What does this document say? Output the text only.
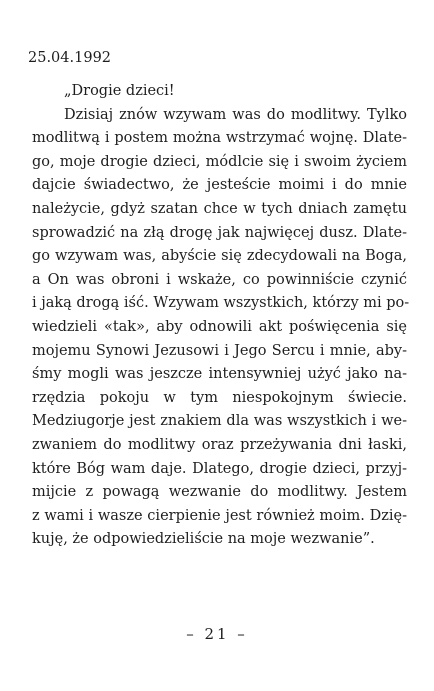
25.04.1992
„Drogie dzieci!
Dzisiaj znów wzywam was do modlitwy. Tylko
modlitwą i postem można wstrzymać wojnę. Dlate-
go, moje drogie dzieci, módlcie się i swoim życiem
dajcie świadectwo, że jesteście moimi i do mnie
należycie, gdyż szatan chce w tych dniach zamętu
sprowadzić na złą drogę jak najwięcej dusz. Dlate-
go wzywam was, abyście się zdecydowali na Boga,
a On was obroni i wskaże, co powinniście czynić
i jaką drogą iść. Wzywam wszystkich, którzy mi po-
wiedzieli «tak», aby odnowili akt poświęcenia się
mojemu Synowi Jezusowi i Jego Sercu i mnie, aby-
śmy mogli was jeszcze intensywniej użyć jako na-
rzędzia pokoju w tym niespokojnym świecie.
Medziugorje jest znakiem dla was wszystkich i we-
zwaniem do modlitwy oraz przeżywania dni łaski,
które Bóg wam daje. Dlatego, drogie dzieci, przyj-
mijcie z powagą wezwanie do modlitwy. Jestem
z wami i wasze cierpienie jest również moim. Dzię-
kuję, że odpowiedzieliście na moje wezwanie”.
– 21 –
